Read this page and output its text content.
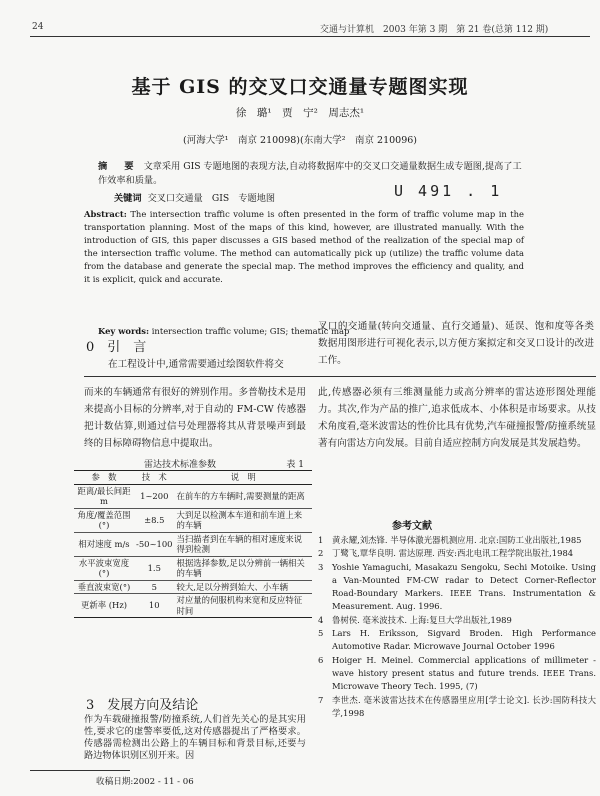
24	交通与计算机　2003 年第 3 期　第 21 卷(总第 112 期)
基于 GIS 的交叉口交通量专题图实现
徐　璐¹　贾　宁²　周志杰¹
(河海大学¹　南京 210098)(东南大学²　南京 210096)
摘　要 文章采用 GIS 专题地图的表现方法,自动将数据库中的交叉口交通量数据生成专题图,提高了工作效率和质量。
关键词 交叉口交通量　GIS　专题地图	U 491 . 1
Abstract: The intersection traffic volume is often presented in the form of traffic volume map in the transportation planning. Most of the maps of this kind, however, are illustrated manually. With the introduction of GIS, this paper discusses a GIS based method of the realization of the special map of the intersection traffic volume. The method can automatically pick up (utilize) the traffic volume data from the database and generate the special map. The method improves the efficiency and quality, and it is explicit, quick and accurate.
Key words: intersection traffic volume; GIS; thematic map
0　引　言
在工程设计中,通常需要通过绘图软件将交
叉口的交通量(转向交通量、直行交通量)、延误、饱和度等各类数据用图形进行可视化表示,以方便方案拟定和交叉口设计的改进工作。
而来的车辆通常有很好的辨别作用。多普勒技术是用来提高小目标的分辨率,对于自动的 FM-CW 传感器把计数估算,则通过信号处理器将其从背景噪声到最终的目标障碍物信息中提取出。
此,传感器必须有三维测量能力或高分辨率的雷达迹形图处理能力。其次,作为产品的推广,追求低成本、小体积是市场要求。从技术角度看,毫米波雷达的性价比具有优势,汽车碰撞报警/防撞系统显著有向雷达方向发展。目前自适应控制方向发展是其发展趋势。
雷达技术标准参数	表 1
参　数	技　术	说　明
距离/最长间距 m	1~200	在前车的方车辆时,需要测量的距离
角度/覆盖范围(°)	±8.5	大到足以检测本车道和前车道上来的车辆
相对速度 m/s	-50~100	当扫描者到在车辆的相对速度来说得到检测
水平波束宽度(°)	1.5	根据选择参数,足以分辨前一辆相关的车辆
垂直波束宽(°)	5	较大,足以分辨到始大、小车辆
更新率 (Hz)	10	对应量的伺服机构来宽和反应特征时间
3　发展方向及结论
作为车载碰撞报警/防撞系统,人们首先关心的是其实用性,要求它的虚警率要低,这对传感器提出了严格要求。传感器需检测出公路上的车辆目标和背景目标,还要与路边物体识别区别开来。因
参考文献
1	黄永耀,刘杰锋. 半导体激光器机测应用. 北京:国防工业出版社,1985
2	丁鹭飞,覃华良明. 雷达原理. 西安:西北电讯工程学院出版社,1984
3	Yoshie Yamaguchi, Masakazu Sengoku, Sechi Motoike. Using a Van-Mounted FM-CW radar to Detect Corner-Reflector Road-Boundary Markers. IEEE Trans. Instrumentation & Measurement. Aug. 1996.
4	鲁树侯. 毫米波技术. 上海:复旦大学出版社,1989
5	Lars H. Eriksson, Sigvard Broden. High Performance Automotive Radar. Microwave Journal October 1996
6	Hoiger H. Meinel. Commercial applications of millimeter - wave history present status and future trends. IEEE Trans. Microwave Theory Tech. 1995, (7)
7	李世杰. 毫米波雷达技术在传感器里应用[学士论文]. 长沙:国防科技大学,1998
收稿日期:2002 - 11 - 06
